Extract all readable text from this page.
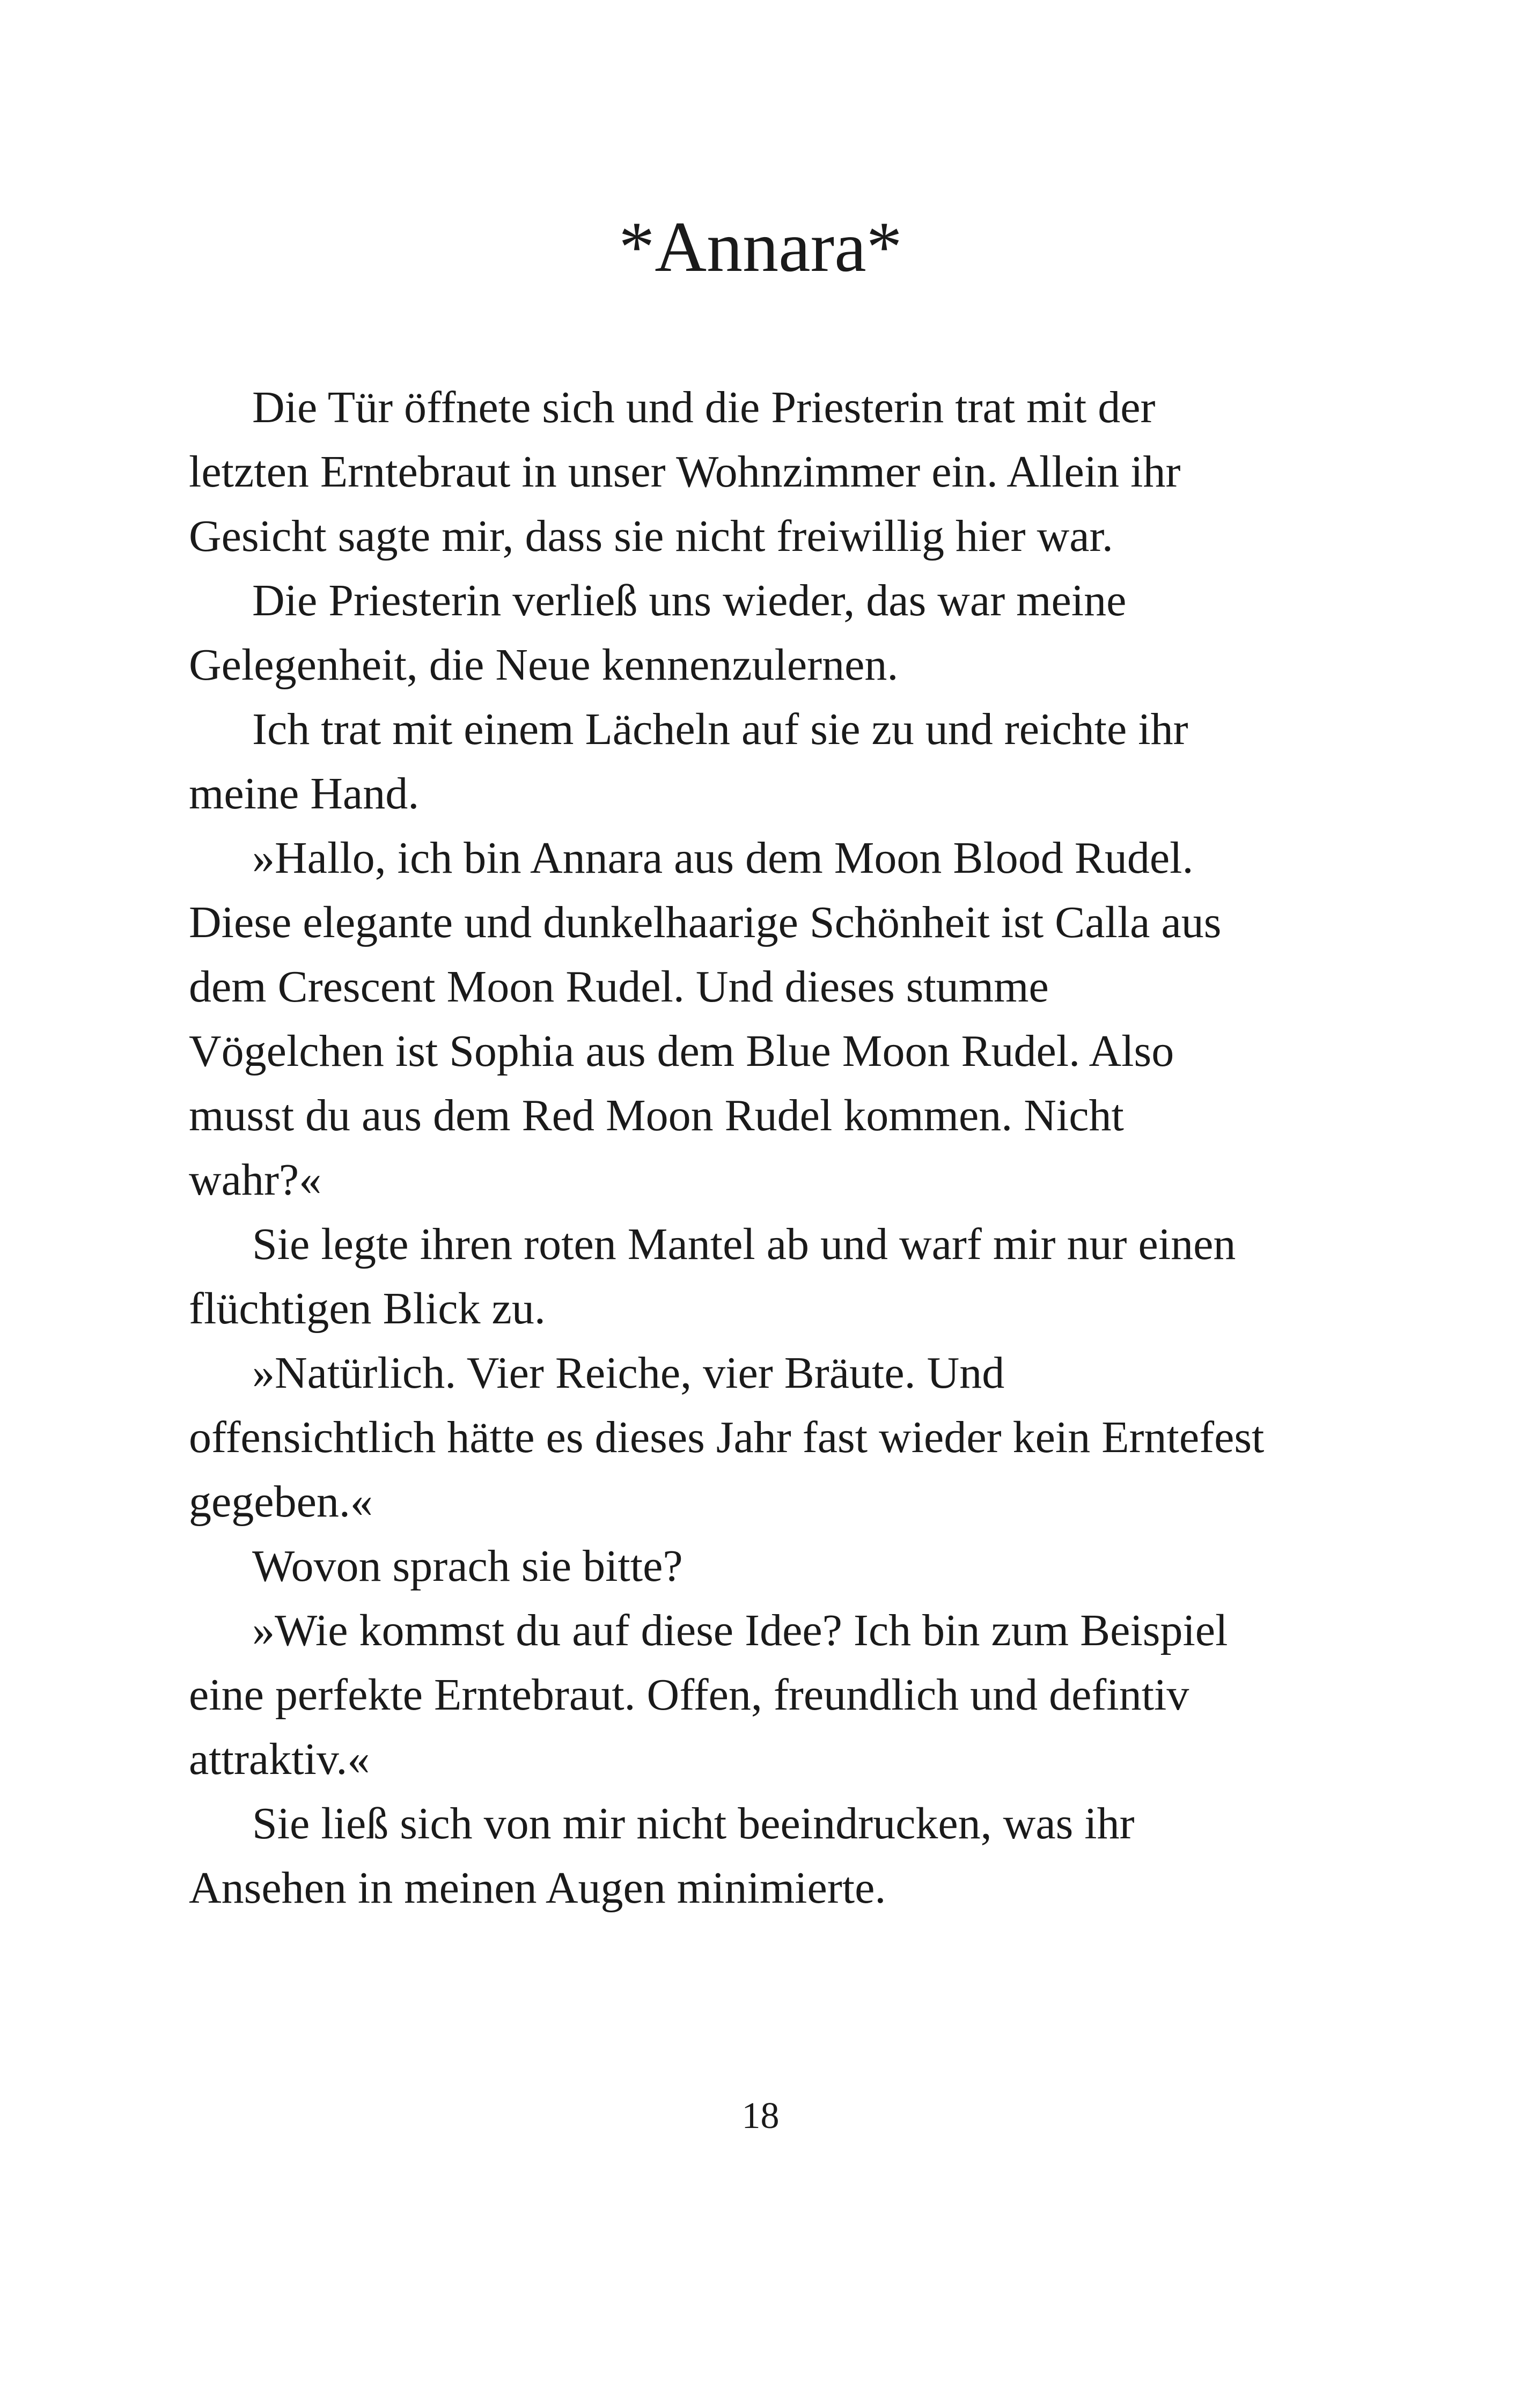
*Annara*
Die Tür öffnete sich und die Priesterin trat mit der
letzten Erntebraut in unser Wohnzimmer ein. Allein ihr
Gesicht sagte mir, dass sie nicht freiwillig hier war.
Die Priesterin verließ uns wieder, das war meine
Gelegenheit, die Neue kennenzulernen.
Ich trat mit einem Lächeln auf sie zu und reichte ihr
meine Hand.
»Hallo, ich bin Annara aus dem Moon Blood Rudel.
Diese elegante und dunkelhaarige Schönheit ist Calla aus
dem Crescent Moon Rudel. Und dieses stumme
Vögelchen ist Sophia aus dem Blue Moon Rudel. Also
musst du aus dem Red Moon Rudel kommen. Nicht
wahr?«
Sie legte ihren roten Mantel ab und warf mir nur einen
flüchtigen Blick zu.
»Natürlich. Vier Reiche, vier Bräute. Und
offensichtlich hätte es dieses Jahr fast wieder kein Erntefest
gegeben.«
Wovon sprach sie bitte?
»Wie kommst du auf diese Idee? Ich bin zum Beispiel
eine perfekte Erntebraut. Offen, freundlich und defintiv
attraktiv.«
Sie ließ sich von mir nicht beeindrucken, was ihr
Ansehen in meinen Augen minimierte.
18
